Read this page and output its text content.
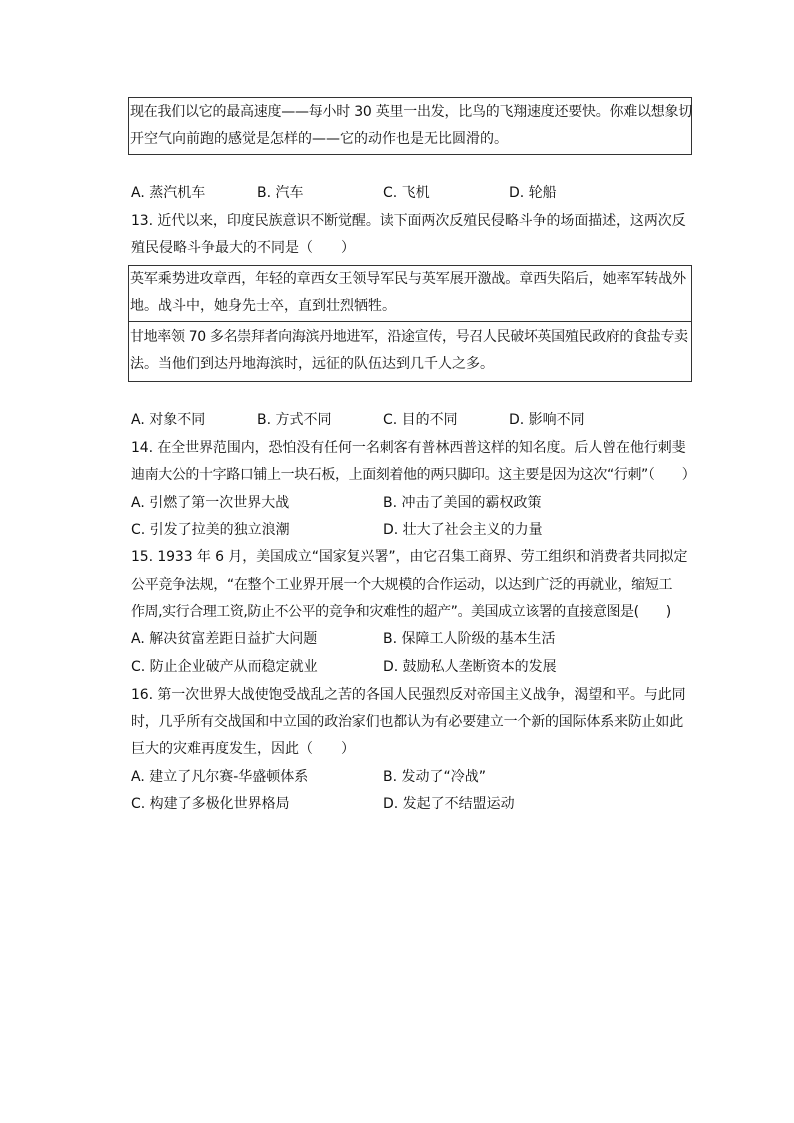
现在我们以它的最高速度——每小时 30 英里一出发，比鸟的飞翔速度还要快。你难以想象切
开空气向前跑的感觉是怎样的——它的动作也是无比圆滑的。
A. 蒸汽机车	B. 汽车	C. 飞机	D. 轮船
13. 近代以来，印度民族意识不断觉醒。读下面两次反殖民侵略斗争的场面描述，这两次反
殖民侵略斗争最大的不同是（　　）
英军乘势进攻章西，年轻的章西女王领导军民与英军展开激战。章西失陷后，她率军转战外
地。战斗中，她身先士卒，直到壮烈牺牲。
甘地率领 70 多名崇拜者向海滨丹地进军，沿途宣传，号召人民破坏英国殖民政府的食盐专卖
法。当他们到达丹地海滨时，远征的队伍达到几千人之多。
A. 对象不同	B. 方式不同	C. 目的不同	D. 影响不同
14. 在全世界范围内，恐怕没有任何一名刺客有普林西普这样的知名度。后人曾在他行刺斐
迪南大公的十字路口铺上一块石板，上面刻着他的两只脚印。这主要是因为这次“行刺”（　　）
A. 引燃了第一次世界大战	B. 冲击了美国的霸权政策
C. 引发了拉美的独立浪潮	D. 壮大了社会主义的力量
15. 1933 年 6 月，美国成立“国家复兴署”，由它召集工商界、劳工组织和消费者共同拟定
公平竞争法规，“在整个工业界开展一个大规模的合作运动，以达到广泛的再就业，缩短工
作周,实行合理工资,防止不公平的竞争和灾难性的超产”。美国成立该署的直接意图是(　　)
A. 解决贫富差距日益扩大问题	B. 保障工人阶级的基本生活
C. 防止企业破产从而稳定就业	D. 鼓励私人垄断资本的发展
16. 第一次世界大战使饱受战乱之苦的各国人民强烈反对帝国主义战争，渴望和平。与此同
时，几乎所有交战国和中立国的政治家们也都认为有必要建立一个新的国际体系来防止如此
巨大的灾难再度发生，因此（　　）
A. 建立了凡尔赛-华盛顿体系	B. 发动了“冷战”
C. 构建了多极化世界格局	D. 发起了不结盟运动
